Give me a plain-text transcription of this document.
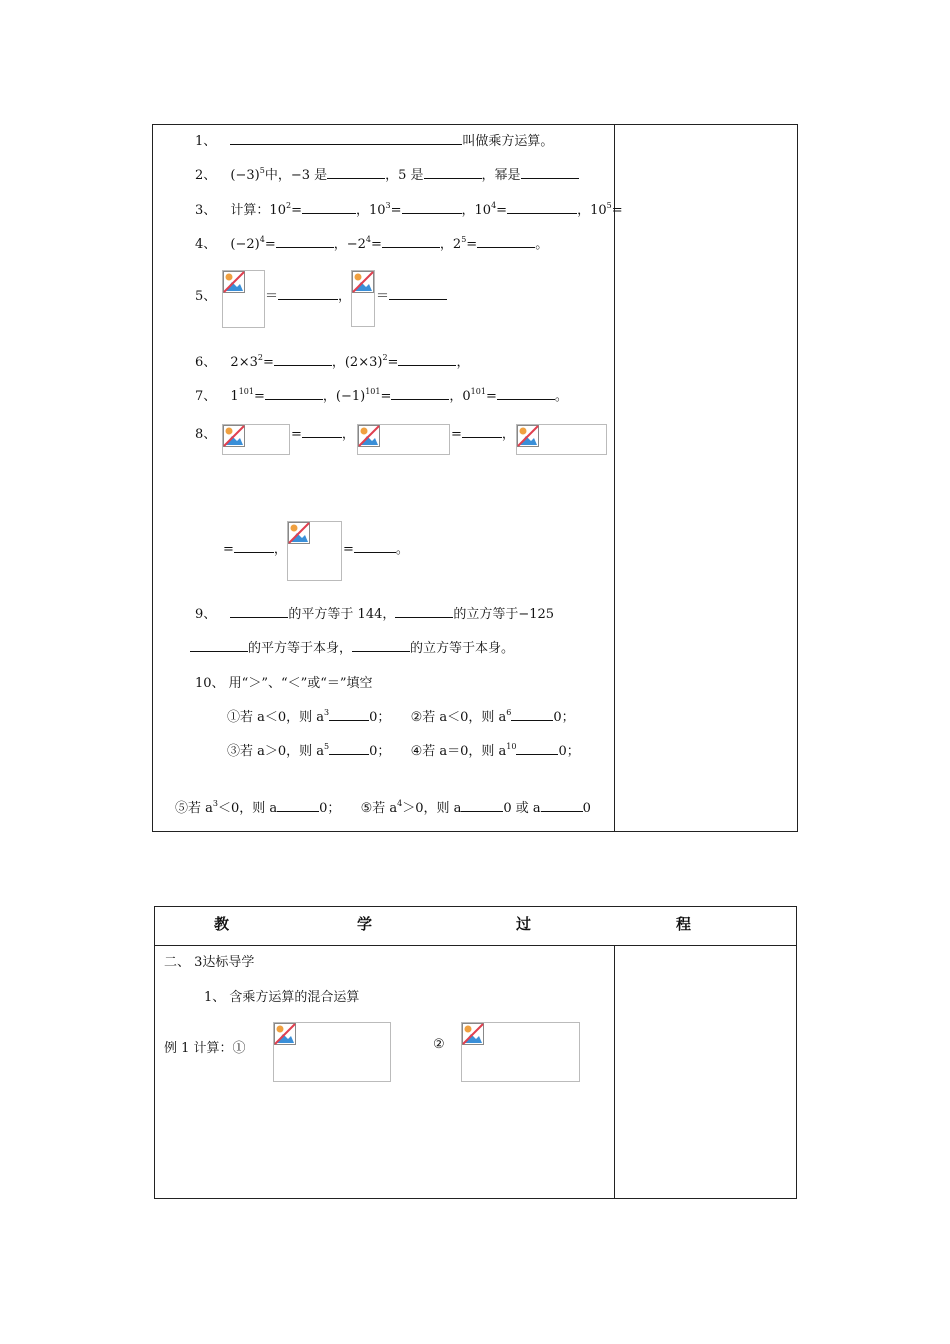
1、	叫做乘方运算。
2、 $(-3)^5$中，−3 是	，5 是	，幂是
3、 计算：$10^2=$	，$10^3=$	，$10^4=$	，$10^5=$
4、 $(-2)^4=$	，$-2^4=$	，$2^5=$	。
5、	＝	， ＝
6、 $2\times 3^2=$	，$(2\times 3)^2=$	，
7、 $1^{101}=$	，$(-1)^{101}=$	，$0^{101}=$	。
8、	=	，	=	，
=	，	=	。
9、	的平方等于 144，	的立方等于−125
的平方等于本身，	的立方等于本身。
10、 用“＞”、“＜”或“＝”填空
①若 a＜0，则 $a^3$	0； ②若 a＜0，则 $a^6$	0；
③若 a＞0，则 $a^5$	0； ④若 a＝0，则 $a^{10}$	0；
⑤若 $a^3<0$，则 a	0； ⑤若 $a^4>0$，则 a	0 或 a	0
教	学	过	程
二、 3达标导学
1、 含乘方运算的混合运算
例 1 计算：①	②
